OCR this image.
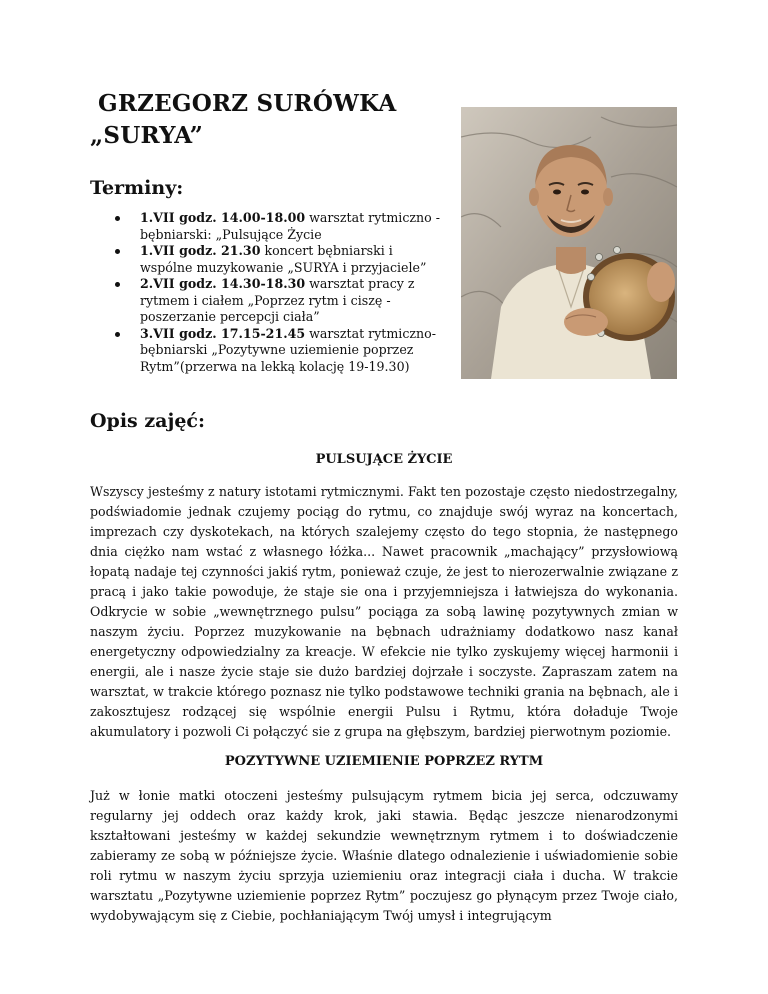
GRZEGORZ SURÓWKA
„SURYA”
Terminy:
1.VII godz. 14.00-18.00 warsztat rytmiczno - bębniarski: „Pulsujące Życie
1.VII godz. 21.30 koncert bębniarski i wspólne muzykowanie „SURYA i przyjaciele”
2.VII godz. 14.30-18.30 warsztat pracy z rytmem i ciałem „Poprzez rytm i ciszę - poszerzanie percepcji ciała”
3.VII godz. 17.15-21.45 warsztat rytmiczno-bębniarski „Pozytywne uziemienie poprzez Rytm”(przerwa na lekką kolację 19-19.30)
Opis zajęć:
PULSUJĄCE ŻYCIE

Wszyscy jesteśmy z natury istotami rytmicznymi. Fakt ten pozostaje często niedostrzegalny, podświadomie jednak czujemy pociąg do rytmu, co znajduje swój wyraz na koncertach, imprezach czy dyskotekach, na których szalejemy często do tego stopnia, że następnego dnia ciężko nam wstać z własnego łóżka... Nawet pracownik „machający” przysłowiową łopatą nadaje tej czynności jakiś rytm, ponieważ czuje, że jest to nierozerwalnie związane z pracą i jako takie powoduje, że staje sie ona i przyjemniejsza i łatwiejsza do wykonania. Odkrycie w sobie „wewnętrznego pulsu” pociąga za sobą lawinę pozytywnych zmian w naszym życiu. Poprzez muzykowanie na bębnach udrażniamy dodatkowo nasz kanał energetyczny odpowiedzialny za kreacje. W efekcie nie tylko zyskujemy więcej harmonii i energii, ale i nasze życie staje sie dużo bardziej dojrzałe i soczyste. Zapraszam zatem na warsztat, w trakcie którego poznasz nie tylko podstawowe techniki grania na bębnach, ale i zakosztujesz rodzącej się wspólnie energii Pulsu i Rytmu, która doładuje Twoje akumulatory i pozwoli Ci połączyć sie z grupa na głębszym, bardziej pierwotnym poziomie.

POZYTYWNE UZIEMIENIE POPRZEZ RYTM

Już w łonie matki otoczeni jesteśmy pulsującym rytmem bicia jej serca, odczuwamy regularny jej oddech oraz każdy krok, jaki stawia. Będąc jeszcze nienarodzonymi kształtowani jesteśmy w każdej sekundzie wewnętrznym rytmem i to doświadczenie zabieramy ze sobą w późniejsze życie. Właśnie dlatego odnalezienie i uświadomienie sobie roli rytmu w naszym życiu sprzyja uziemieniu oraz integracji ciała i ducha. W trakcie warsztatu „Pozytywne uziemienie poprzez Rytm” poczujesz go płynącym przez Twoje ciało, wydobywającym się z Ciebie, pochłaniającym Twój umysł i integrującym
